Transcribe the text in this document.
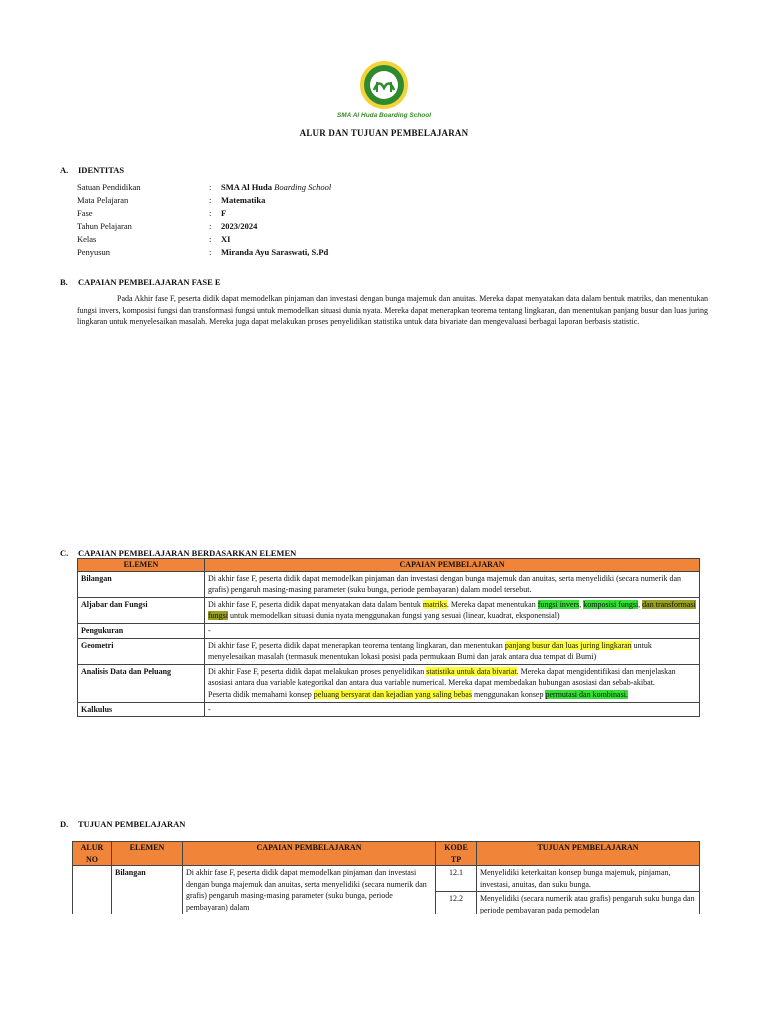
SMA Al Huda Boarding School
ALUR DAN TUJUAN PEMBELAJARAN
A. IDENTITAS
Satuan Pendidikan	: SMA Al Huda Boarding School
Mata Pelajaran	: Matematika
Fase	: F
Tahun Pelajaran	: 2023/2024
Kelas	: XI
Penyusun	: Miranda Ayu Saraswati, S.Pd
B. CAPAIAN PEMBELAJARAN FASE E
Pada Akhir fase F, peserta didik dapat memodelkan pinjaman dan investasi dengan bunga majemuk dan anuitas. Mereka dapat menyatakan data dalam bentuk matriks, dan menentukan fungsi invers, komposisi fungsi dan transformasi fungsi untuk memodelkan situasi dunia nyata. Mereka dapat menerapkan teorema tentang lingkaran, dan menentukan panjang busur dan luas juring lingkaran untuk menyelesaikan masalah. Mereka juga dapat melakukan proses penyelidikan statistika untuk data bivariate dan mengevaluasi berbagai laporan berbasis statistic.
C. CAPAIAN PEMBELAJARAN BERDASARKAN ELEMEN
ELEMEN	CAPAIAN PEMBELAJARAN
Bilangan	Di akhir fase F, peserta didik dapat memodelkan pinjaman dan investasi dengan bunga majemuk dan anuitas, serta menyelidiki (secara numerik dan grafis) pengaruh masing-masing parameter (suku bunga, periode pembayaran) dalam model tersebut.
Aljabar dan Fungsi	Di akhir fase F, peserta didik dapat menyatakan data dalam bentuk matriks. Mereka dapat menentukan fungsi invers, komposisi fungsi, dan transformasi fungsi untuk memodelkan situasi dunia nyata menggunakan fungsi yang sesuai (linear, kuadrat, eksponensial)
Pengukuran	-
Geometri	Di akhir fase F, peserta didik dapat menerapkan teorema tentang lingkaran, dan menentukan panjang busur dan luas juring lingkaran untuk menyelesaikan masalah (termasuk menentukan lokasi posisi pada permukaan Bumi dan jarak antara dua tempat di Bumi)
Analisis Data dan Peluang	Di akhir Fase F, peserta didik dapat melakukan proses penyelidikan statistika untuk data bivariat. Mereka dapat mengidentifikasi dan menjelaskan asosiasi antara dua variable kategorikal dan antara dua variable numerical. Mereka dapat membedakan hubungan asosiasi dan sebab-akibat.
Peserta didik memahami konsep peluang bersyarat dan kejadian yang saling bebas menggunakan konsep permutasi dan kombinasi.
Kalkulus	-
D. TUJUAN PEMBELAJARAN
ALUR NO	ELEMEN	CAPAIAN PEMBELAJARAN	KODE TP	TUJUAN PEMBELAJARAN
	Bilangan	Di akhir fase F, peserta didik dapat memodelkan pinjaman dan investasi dengan bunga majemuk dan anuitas, serta menyelidiki (secara numerik dan grafis) pengaruh masing-masing parameter (suku bunga, periode pembayaran) dalam	12.1	Menyelidiki keterkaitan konsep bunga majemuk, pinjaman, investasi, anuitas, dan suku bunga.
			12.2	Menyelidiki (secara numerik atau grafis) pengaruh suku bunga dan periode pembayaran pada pemodelan
